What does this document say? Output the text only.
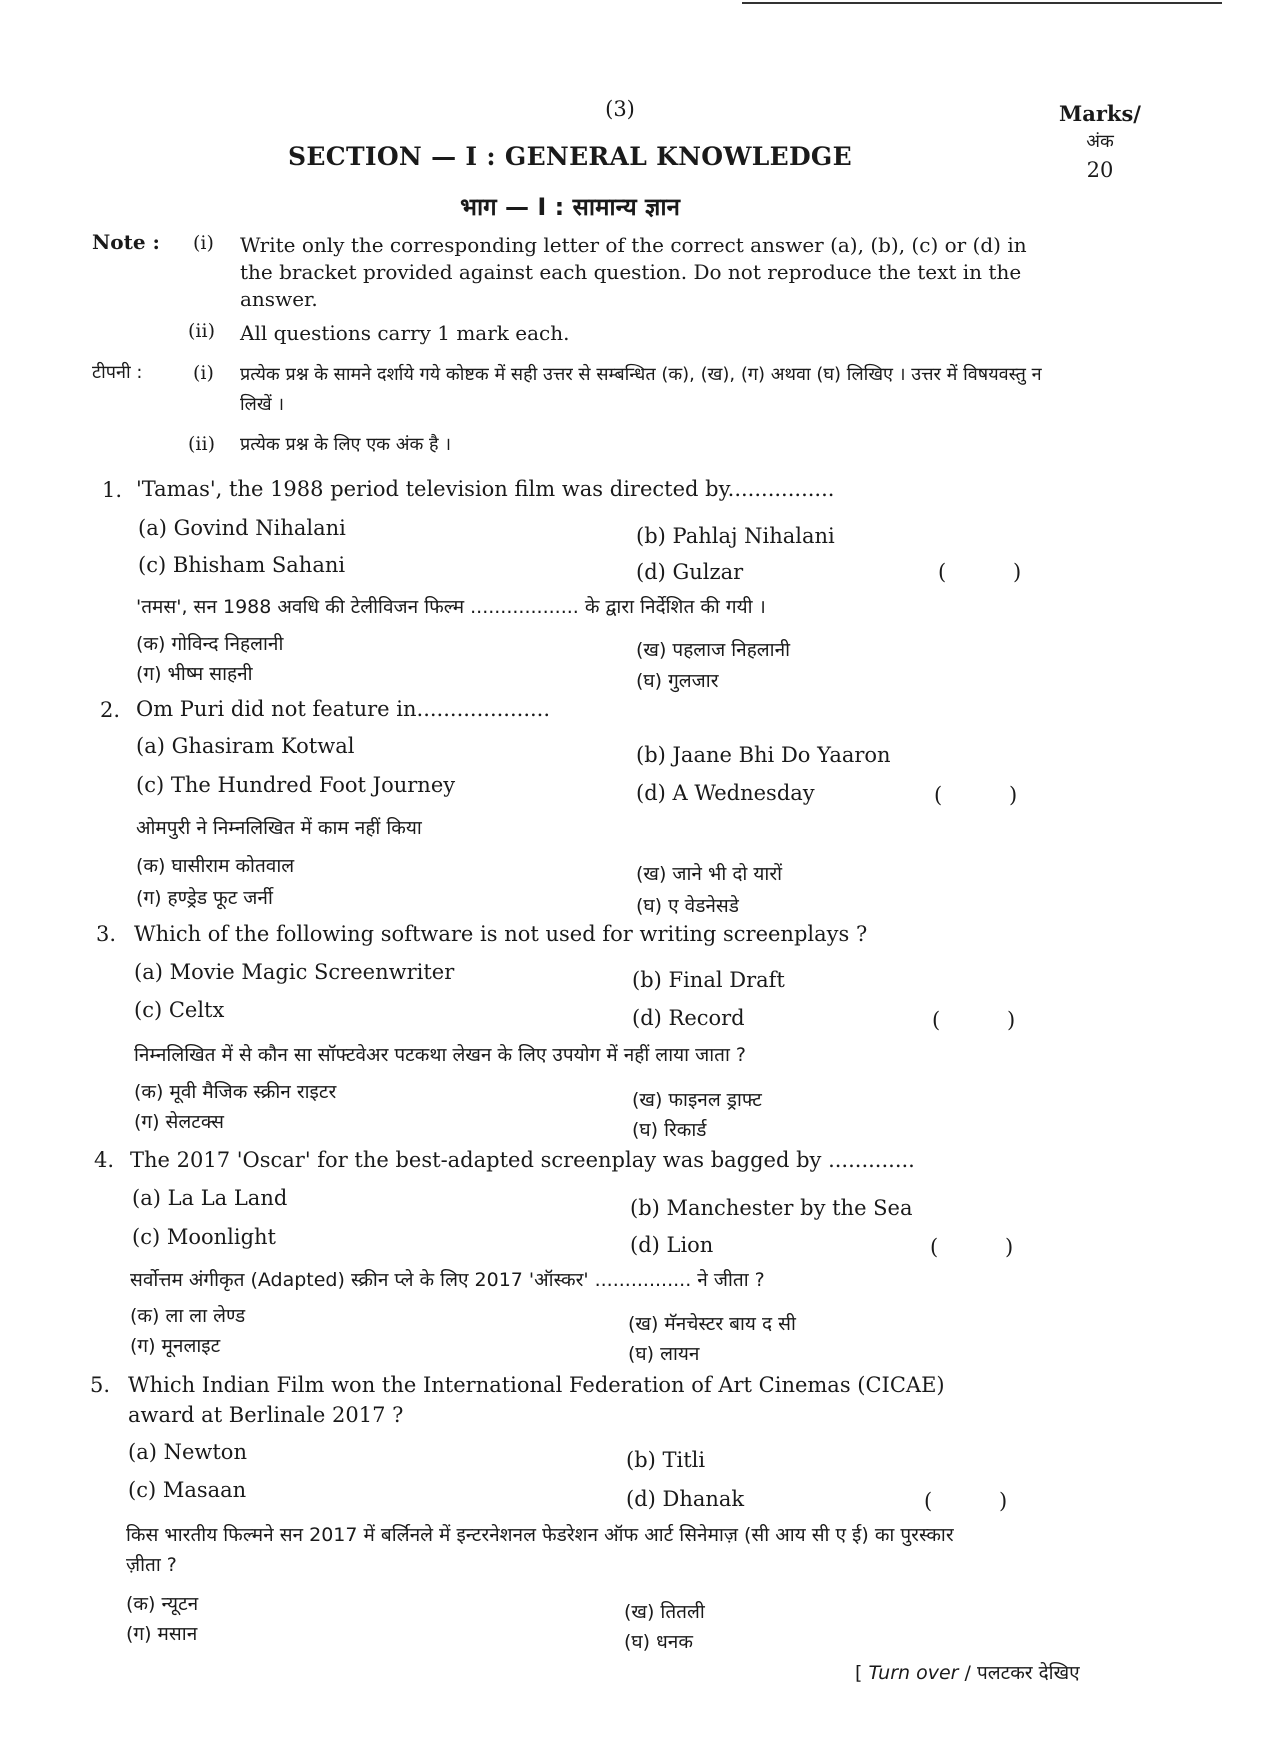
(3)	Marks/
अंक
20
SECTION — I : GENERAL KNOWLEDGE
भाग — I : सामान्य ज्ञान
Note : (i) Write only the corresponding letter of the correct answer (a), (b), (c) or (d) in the bracket provided against each question. Do not reproduce the text in the answer.
(ii) All questions carry 1 mark each.
टीपनी :	(i) प्रत्येक प्रश्न के सामने दर्शाये गये कोष्टक में सही उत्तर से सम्बन्धित (क), (ख), (ग) अथवा (घ) लिखिए । उत्तर में विषयवस्तु न लिखें ।
(ii) प्रत्येक प्रश्न के लिए एक अंक है ।
1. 'Tamas', the 1988 period television film was directed by................
(a) Govind Nihalani	(b) Pahlaj Nihalani
(c) Bhisham Sahani	(d) Gulzar	(          )
'तमस', सन 1988 अवधि की टेलीविजन फिल्म .................. के द्वारा निर्देशित की गयी ।
(क) गोविन्द निहलानी	(ख) पहलाज निहलानी
(ग) भीष्म साहनी	(घ) गुलजार
2. Om Puri did not feature in....................
(a) Ghasiram Kotwal	(b) Jaane Bhi Do Yaaron
(c) The Hundred Foot Journey	(d) A Wednesday	(          )
ओमपुरी ने निम्नलिखित में काम नहीं किया
(क) घासीराम कोतवाल	(ख) जाने भी दो यारों
(ग) हण्ड्रेड फूट जर्नी	(घ) ए वेडनेसडे
3. Which of the following software is not used for writing screenplays ?
(a) Movie Magic Screenwriter	(b) Final Draft
(c) Celtx	(d) Record	(          )
निम्नलिखित में से कौन सा सॉफ्टवेअर पटकथा लेखन के लिए उपयोग में नहीं लाया जाता ?
(क) मूवी मैजिक स्क्रीन राइटर	(ख) फाइनल ड्राफ्ट
(ग) सेलटक्स	(घ) रिकार्ड
4. The 2017 'Oscar' for the best-adapted screenplay was bagged by .............
(a) La La Land	(b) Manchester by the Sea
(c) Moonlight	(d) Lion	(          )
सर्वोत्तम अंगीकृत (Adapted) स्क्रीन प्ले के लिए 2017 'ऑस्कर' ................ ने जीता ?
(क) ला ला लेण्ड	(ख) मॅनचेस्टर बाय द सी
(ग) मूनलाइट	(घ) लायन
5. Which Indian Film won the International Federation of Art Cinemas (CICAE) award at Berlinale 2017 ?
(a) Newton	(b) Titli
(c) Masaan	(d) Dhanak	(          )
किस भारतीय फिल्मने सन 2017 में बर्लिनले में इन्टरनेशनल फेडरेशन ऑफ आर्ट सिनेमाज़ (सी आय सी ए ई) का पुरस्कार ज़ीता ?
(क) न्यूटन	(ख) तितली
(ग) मसान	(घ) धनक
[ Turn over / पलटकर देखिए
